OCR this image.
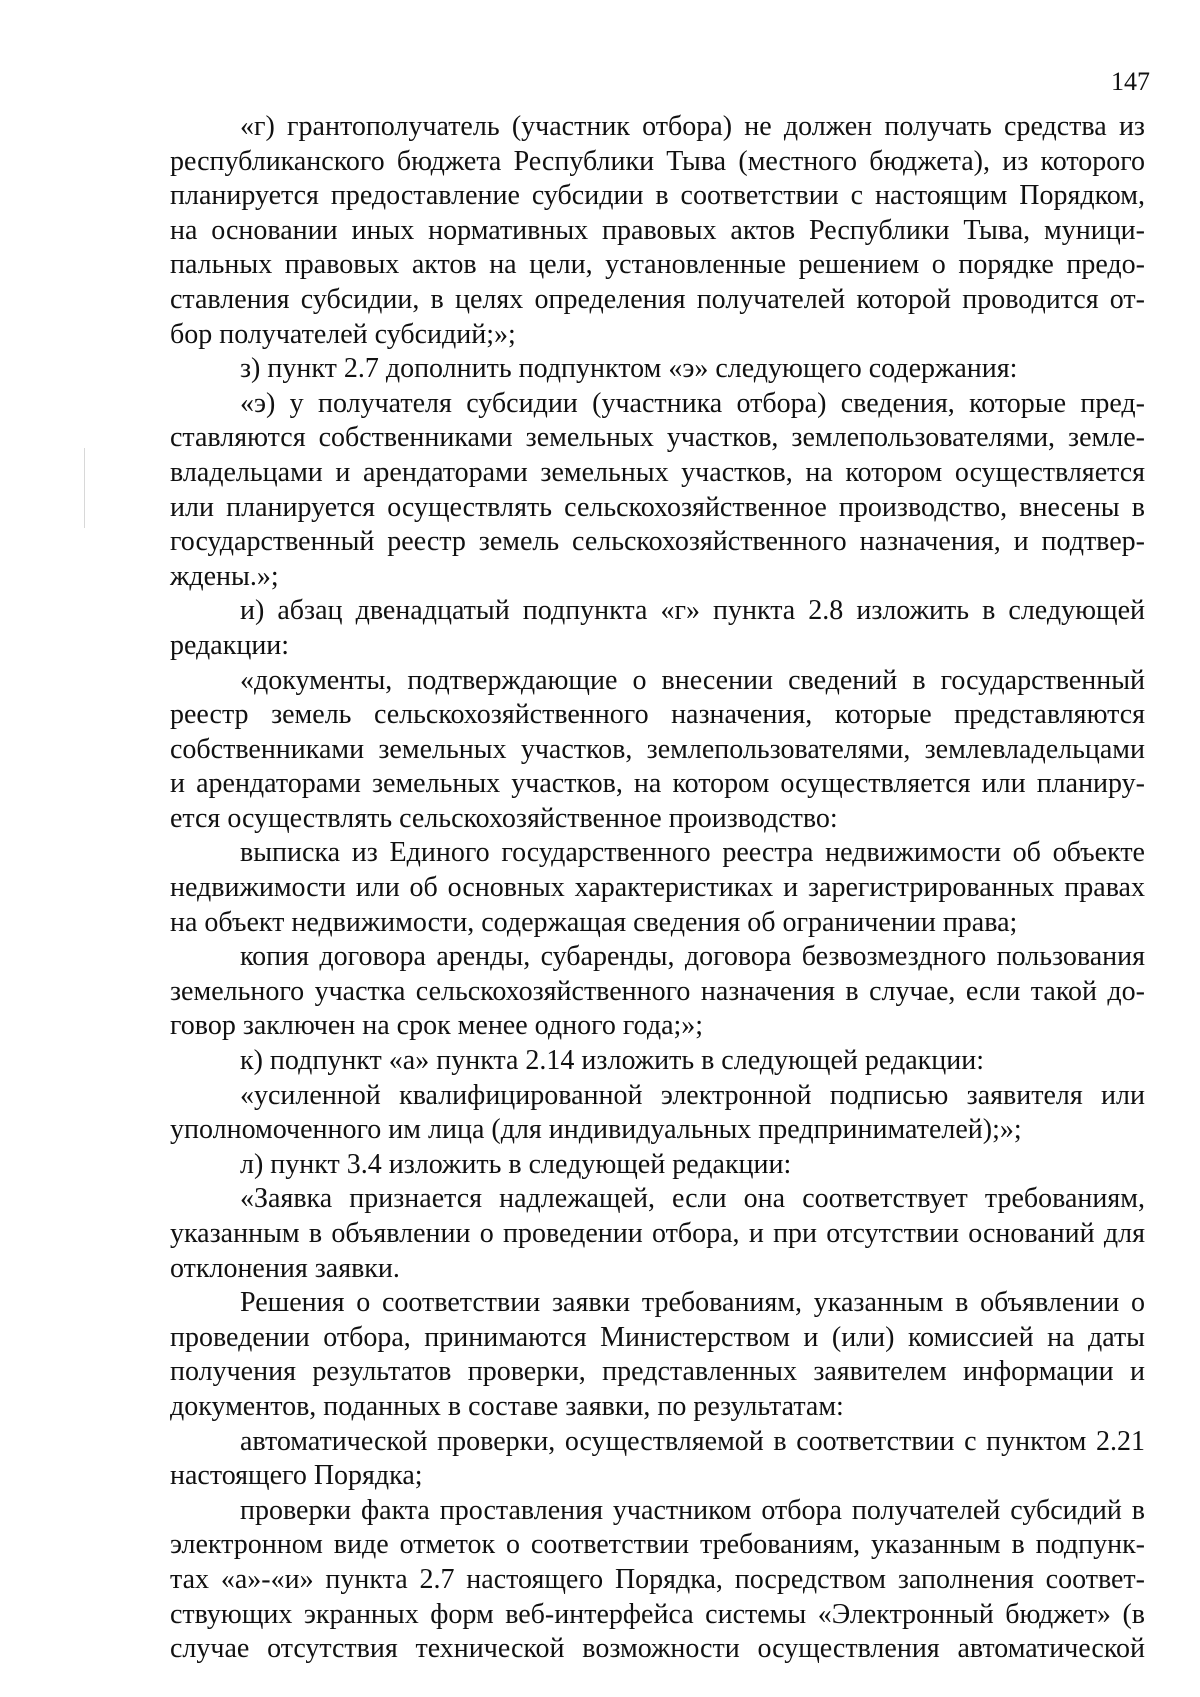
147
«г) грантополучатель (участник отбора) не должен получать средства из
республиканского бюджета Республики Тыва (местного бюджета), из которого
планируется предоставление субсидии в соответствии с настоящим Порядком,
на основании иных нормативных правовых актов Республики Тыва, муници-
пальных правовых актов на цели, установленные решением о порядке предо-
ставления субсидии, в целях определения получателей которой проводится от-
бор получателей субсидий;»;
з) пункт 2.7 дополнить подпунктом «э» следующего содержания:
«э) у получателя субсидии (участника отбора) сведения, которые пред-
ставляются собственниками земельных участков, землепользователями, земле-
владельцами и арендаторами земельных участков, на котором осуществляется
или планируется осуществлять сельскохозяйственное производство, внесены в
государственный реестр земель сельскохозяйственного назначения, и подтвер-
ждены.»;
и) абзац двенадцатый подпункта «г» пункта 2.8 изложить в следующей
редакции:
«документы, подтверждающие о внесении сведений в государственный
реестр земель сельскохозяйственного назначения, которые представляются
собственниками земельных участков, землепользователями, землевладельцами
и арендаторами земельных участков, на котором осуществляется или планиру-
ется осуществлять сельскохозяйственное производство:
выписка из Единого государственного реестра недвижимости об объекте
недвижимости или об основных характеристиках и зарегистрированных правах
на объект недвижимости, содержащая сведения об ограничении права;
копия договора аренды, субаренды, договора безвозмездного пользования
земельного участка сельскохозяйственного назначения в случае, если такой до-
говор заключен на срок менее одного года;»;
к) подпункт «а» пункта 2.14 изложить в следующей редакции:
«усиленной квалифицированной электронной подписью заявителя или
уполномоченного им лица (для индивидуальных предпринимателей);»;
л) пункт 3.4 изложить в следующей редакции:
«Заявка признается надлежащей, если она соответствует требованиям,
указанным в объявлении о проведении отбора, и при отсутствии оснований для
отклонения заявки.
Решения о соответствии заявки требованиям, указанным в объявлении о
проведении отбора, принимаются Министерством и (или) комиссией на даты
получения результатов проверки, представленных заявителем информации и
документов, поданных в составе заявки, по результатам:
автоматической проверки, осуществляемой в соответствии с пунктом 2.21
настоящего Порядка;
проверки факта проставления участником отбора получателей субсидий в
электронном виде отметок о соответствии требованиям, указанным в подпунк-
тах «а»-«и» пункта 2.7 настоящего Порядка, посредством заполнения соответ-
ствующих экранных форм веб-интерфейса системы «Электронный бюджет» (в
случае отсутствия технической возможности осуществления автоматической
